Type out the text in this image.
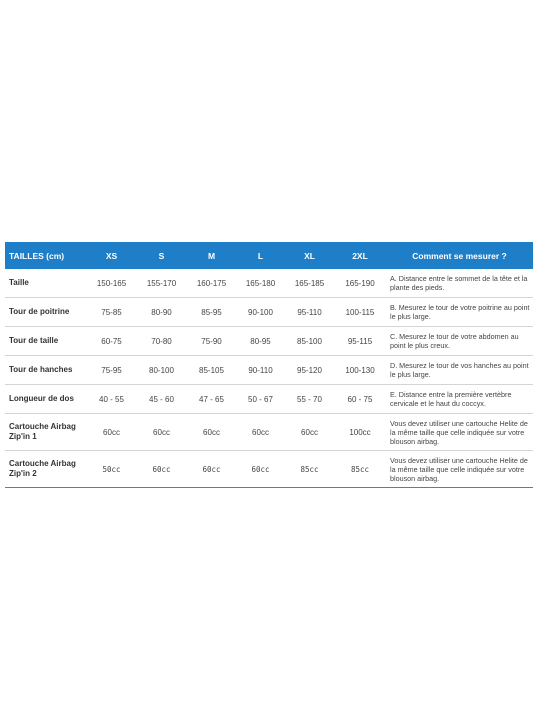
TAILLES (cm)	XS	S	M	L	XL	2XL	Comment se mesurer ?
Taille	150-165	155-170	160-175	165-180	165-185	165-190	A. Distance entre le sommet de la tête et la plante des pieds.
Tour de poitrine	75-85	80-90	85-95	90-100	95-110	100-115	B. Mesurez le tour de votre poitrine au point le plus large.
Tour de taille	60-75	70-80	75-90	80-95	85-100	95-115	C. Mesurez le tour de votre abdomen au point le plus creux.
Tour de hanches	75-95	80-100	85-105	90-110	95-120	100-130	D. Mesurez le tour de vos hanches au point le plus large.
Longueur de dos	40 - 55	45 - 60	47 - 65	50 - 67	55 - 70	60 - 75	E. Distance entre la première vertèbre cervicale et le haut du coccyx.
Cartouche Airbag Zip'in 1	60cc	60cc	60cc	60cc	60cc	100cc	Vous devez utiliser une cartouche Helite de la même taille que celle indiquée sur votre blouson airbag.
Cartouche Airbag Zip'in 2	50cc	60cc	60cc	60cc	85cc	85cc	Vous devez utiliser une cartouche Helite de la même taille que celle indiquée sur votre blouson airbag.
